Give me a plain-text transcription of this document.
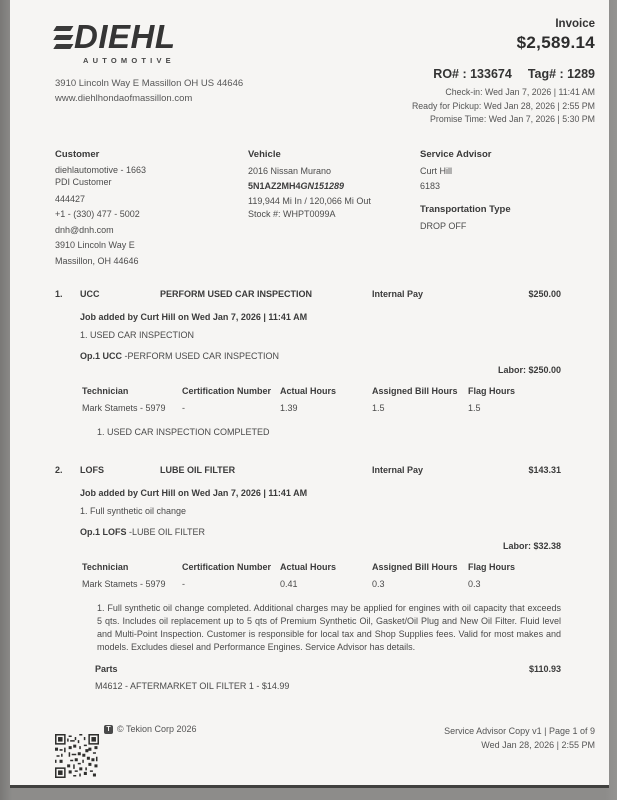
DIEHL
AUTOMOTIVE
3910 Lincoln Way E Massillon OH US 44646
www.diehlhondaofmassillon.com
Invoice
$2,589.14
RO# : 133674 Tag# : 1289
Check-in: Wed Jan 7, 2026 | 11:41 AM
Ready for Pickup: Wed Jan 28, 2026 | 2:55 PM
Promise Time: Wed Jan 7, 2026 | 5:30 PM
Customer
diehlautomotive - 1663
PDI Customer
444427
+1 - (330) 477 - 5002
dnh@dnh.com
3910 Lincoln Way E
Massillon, OH 44646
Vehicle
2016 Nissan Murano
5N1AZ2MH4GN151289
119,944 Mi In / 120,066 Mi Out
Stock #: WHPT0099A
Service Advisor
Curt Hill
6183
Transportation Type
DROP OFF
1.	UCC	PERFORM USED CAR INSPECTION	Internal Pay	$250.00
Job added by Curt Hill on Wed Jan 7, 2026 | 11:41 AM
1. USED CAR INSPECTION
Op.1 UCC -PERFORM USED CAR INSPECTION
Labor: $250.00
Technician	Certification Number Actual Hours	Assigned Bill Hours	Flag Hours
Mark Stamets - 5979	-	1.39	1.5	1.5
1. USED CAR INSPECTION COMPLETED
2.	LOFS	LUBE OIL FILTER	Internal Pay	$143.31
Job added by Curt Hill on Wed Jan 7, 2026 | 11:41 AM
1. Full synthetic oil change
Op.1 LOFS -LUBE OIL FILTER
Labor: $32.38
Technician	Certification Number Actual Hours	Assigned Bill Hours	Flag Hours
Mark Stamets - 5979	-	0.41	0.3	0.3
1. Full synthetic oil change completed. Additional charges may be applied for engines with oil capacity that exceeds 5 qts. Includes oil replacement up to 5 qts of Premium Synthetic Oil, Gasket/Oil Plug and New Oil Filter. Fluid level and Multi-Point Inspection. Customer is responsible for local tax and Shop Supplies fees. Valid for most makes and models. Excludes diesel and Performance Engines. Service Advisor has details.
Parts	$110.93
M4612 - AFTERMARKET OIL FILTER 1 - $14.99
T © Tekion Corp 2026	Service Advisor Copy v1 | Page 1 of 9
Wed Jan 28, 2026 | 2:55 PM
